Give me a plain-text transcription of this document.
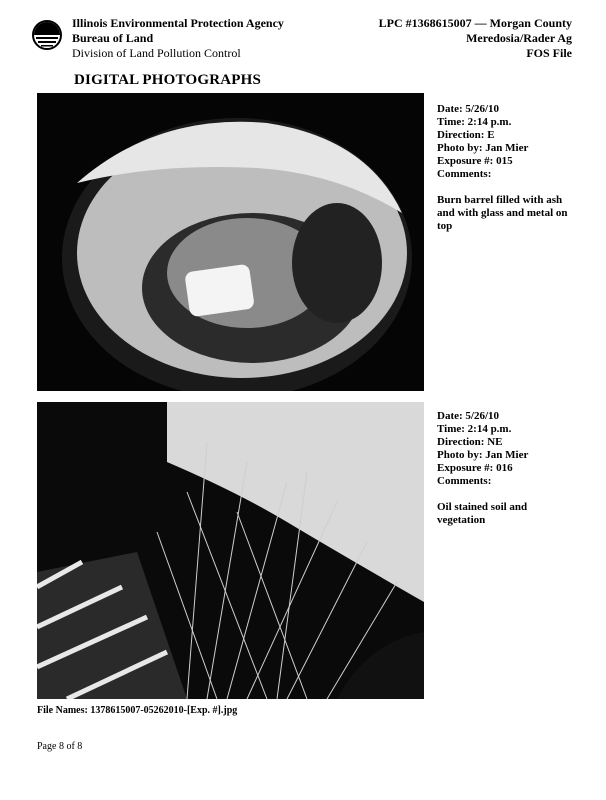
Illinois Environmental Protection Agency
Bureau of Land
Division of Land Pollution Control
LPC #1368615007 — Morgan County
Meredosia/Rader Ag
FOS File
DIGITAL PHOTOGRAPHS
Date: 5/26/10
Time: 2:14 p.m.
Direction: E
Photo by: Jan Mier
Exposure #: 015
Comments:
Burn barrel filled with ash and with glass and metal on top
Date: 5/26/10
Time: 2:14 p.m.
Direction: NE
Photo by: Jan Mier
Exposure #: 016
Comments:
Oil stained soil and vegetation
File Names: 1378615007-05262010-[Exp. #].jpg
Page 8 of 8
